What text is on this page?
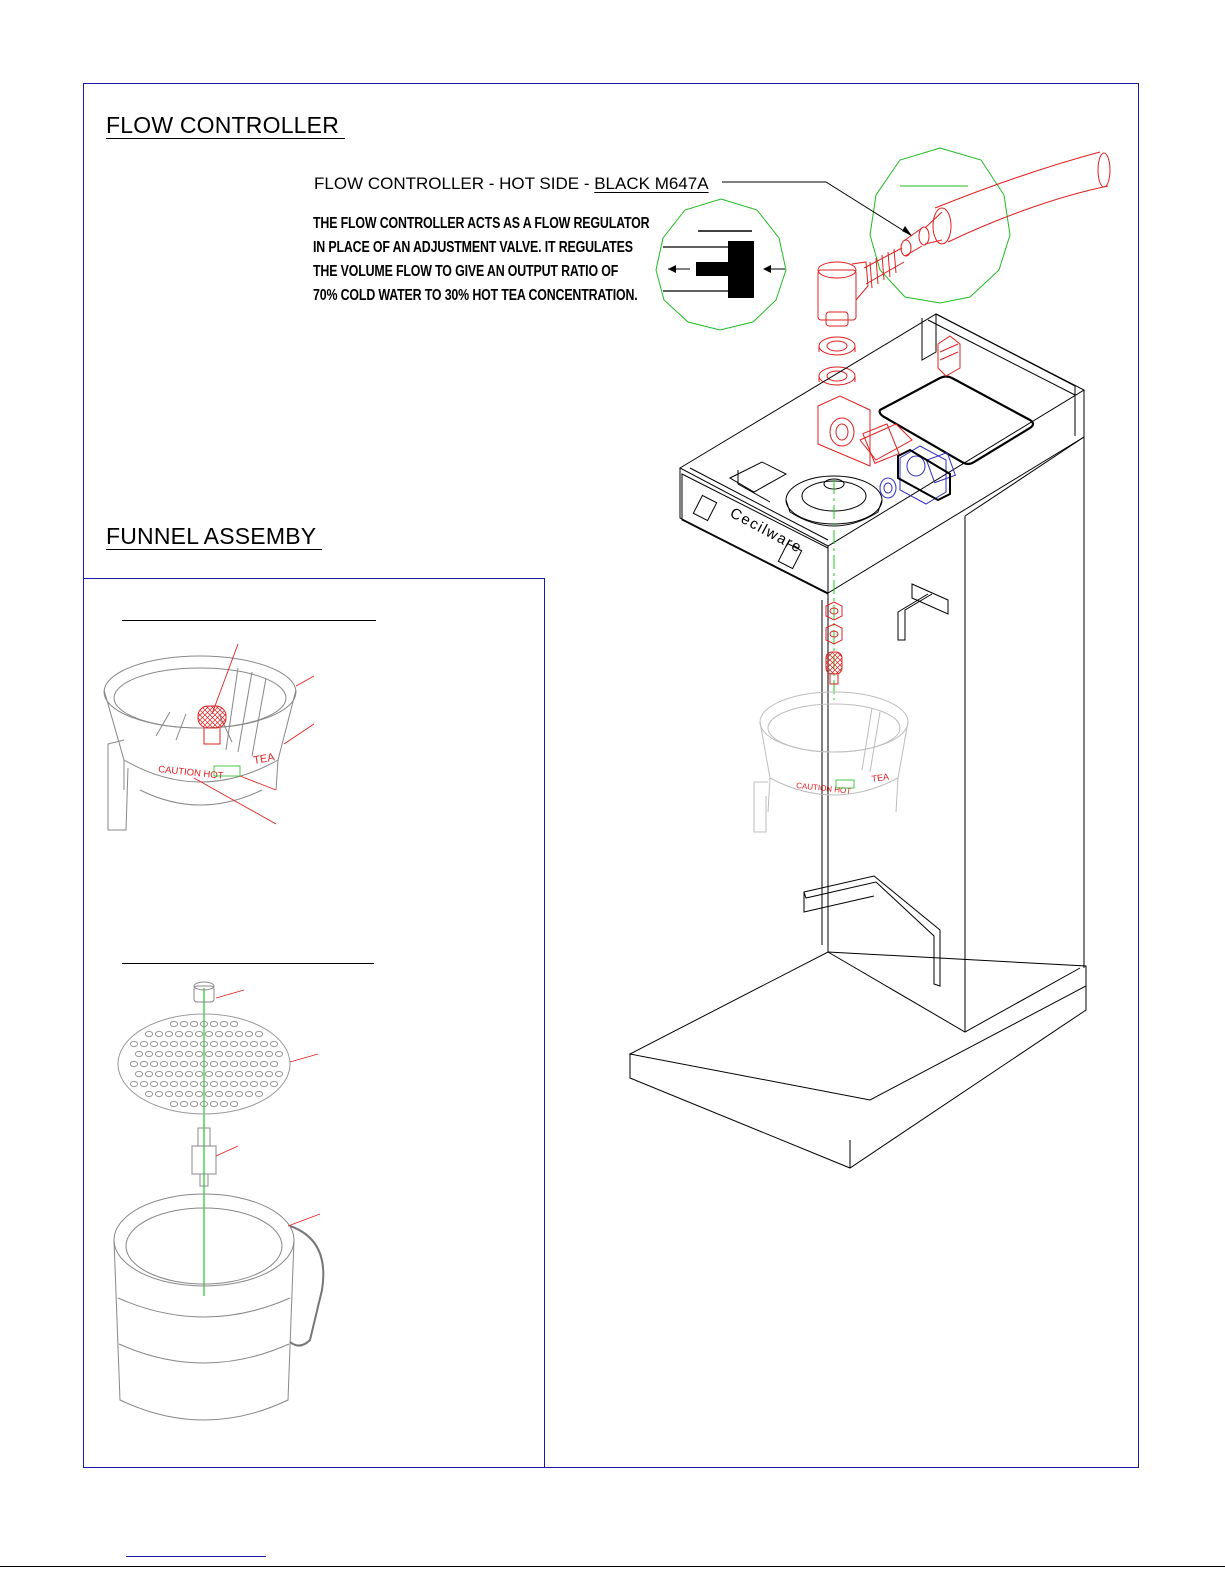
FLOW CONTROLLER
FUNNEL ASSEMBY
FLOW CONTROLLER - HOT SIDE - BLACK M647A
THE FLOW CONTROLLER ACTS AS A FLOW REGULATOR
IN PLACE OF AN ADJUSTMENT VALVE. IT REGULATES
THE VOLUME FLOW TO GIVE AN OUTPUT RATIO OF
70% COLD WATER TO 30% HOT TEA CONCENTRATION.
Cecilware
CAUTION HOT
TEA
CAUTION HOT
TEA
